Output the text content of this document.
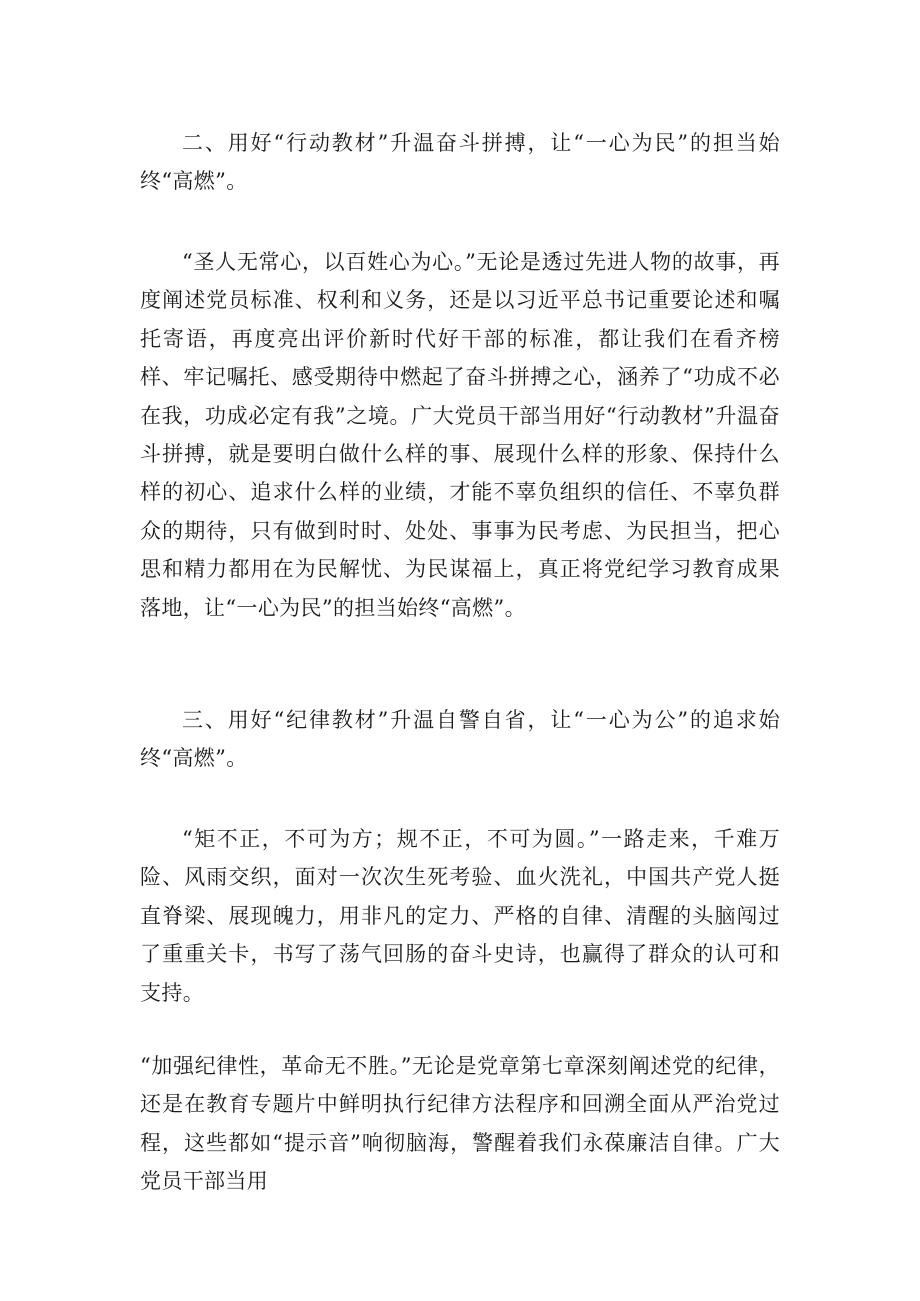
二、用好“行动教材”升温奋斗拼搏，让“一心为民”的担当始终“高燃”。

“圣人无常心，以百姓心为心。”无论是透过先进人物的故事，再度阐述党员标准、权利和义务，还是以习近平总书记重要论述和嘱托寄语，再度亮出评价新时代好干部的标准，都让我们在看齐榜样、牢记嘱托、感受期待中燃起了奋斗拼搏之心，涵养了“功成不必在我，功成必定有我”之境。广大党员干部当用好“行动教材”升温奋斗拼搏，就是要明白做什么样的事、展现什么样的形象、保持什么样的初心、追求什么样的业绩，才能不辜负组织的信任、不辜负群众的期待，只有做到时时、处处、事事为民考虑、为民担当，把心思和精力都用在为民解忧、为民谋福上，真正将党纪学习教育成果落地，让“一心为民”的担当始终“高燃”。

三、用好“纪律教材”升温自警自省，让“一心为公”的追求始终“高燃”。

“矩不正，不可为方；规不正，不可为圆。”一路走来，千难万险、风雨交织，面对一次次生死考验、血火洗礼，中国共产党人挺直脊梁、展现魄力，用非凡的定力、严格的自律、清醒的头脑闯过了重重关卡，书写了荡气回肠的奋斗史诗，也赢得了群众的认可和支持。

“加强纪律性，革命无不胜。”无论是党章第七章深刻阐述党的纪律，还是在教育专题片中鲜明执行纪律方法程序和回溯全面从严治党过程，这些都如“提示音”响彻脑海，警醒着我们永葆廉洁自律。广大党员干部当用
